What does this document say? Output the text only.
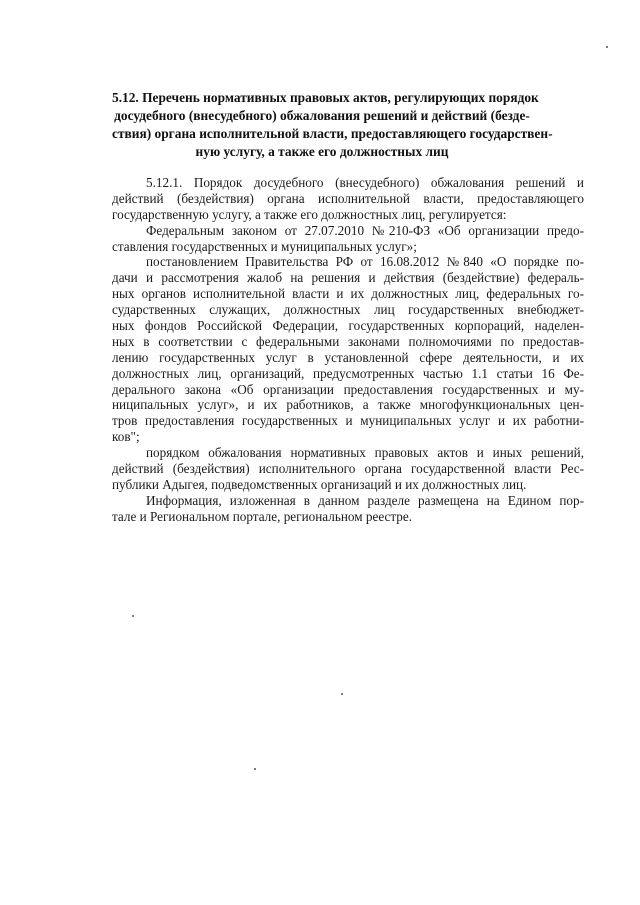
5.12. Перечень нормативных правовых актов, регулирующих порядок
досудебного (внесудебного) обжалования решений и действий (безде-
ствия) органа исполнительной власти, предоставляющего государствен-
ную услугу, а также его должностных лиц
5.12.1. Порядок досудебного (внесудебного) обжалования решений и
действий (бездействия) органа исполнительной власти, предоставляющего
государственную услугу, а также его должностных лиц, регулируется:
Федеральным законом от 27.07.2010 №210-ФЗ «Об организации предо-
ставления государственных и муниципальных услуг»;
постановлением Правительства РФ от 16.08.2012 №840 «О порядке по-
дачи и рассмотрения жалоб на решения и действия (бездействие) федераль-
ных органов исполнительной власти и их должностных лиц, федеральных го-
сударственных служащих, должностных лиц государственных внебюджет-
ных фондов Российской Федерации, государственных корпораций, наделен-
ных в соответствии с федеральными законами полномочиями по предостав-
лению государственных услуг в установленной сфере деятельности, и их
должностных лиц, организаций, предусмотренных частью 1.1 статьи 16 Фе-
дерального закона «Об организации предоставления государственных и му-
ниципальных услуг», и их работников, а также многофункциональных цен-
тров предоставления государственных и муниципальных услуг и их работни-
ков";
порядком обжалования нормативных правовых актов и иных решений,
действий (бездействия) исполнительного органа государственной власти Рес-
публики Адыгея, подведомственных организаций и их должностных лиц.
Информация, изложенная в данном разделе размещена на Едином пор-
тале и Региональном портале, региональном реестре.
